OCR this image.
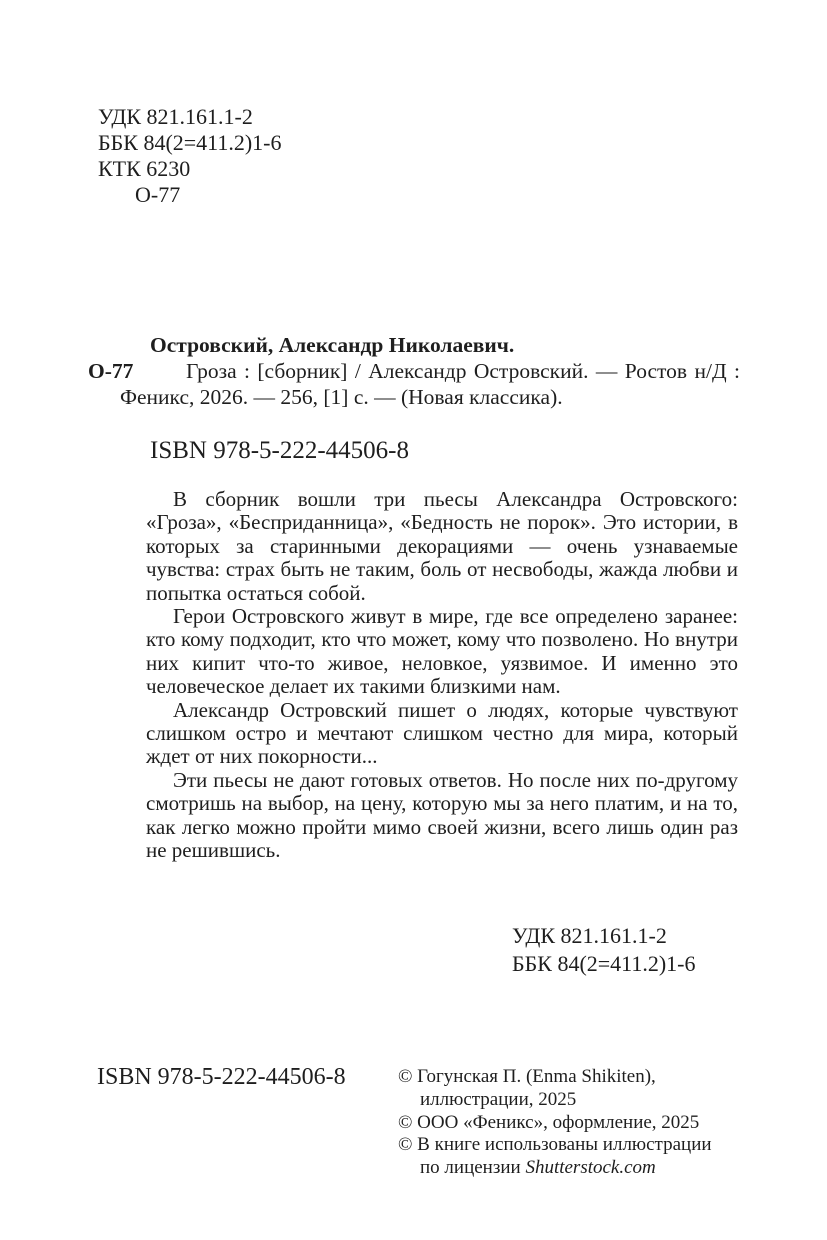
УДК 821.161.1-2
ББК 84(2=411.2)1-6
КТК 6230
О-77
Островский, Александр Николаевич.
О-77	Гроза : [сборник] / Александр Островский. — Ростов н/Д : Феникс, 2026. — 256, [1] с. — (Новая классика).

ISBN 978-5-222-44506-8

В сборник вошли три пьесы Александра Островского: «Гроза», «Бесприданница», «Бедность не порок». Это истории, в которых за старинными декорациями — очень узнаваемые чувства: страх быть не таким, боль от несвободы, жажда любви и попытка остаться собой.

Герои Островского живут в мире, где все определено заранее: кто кому подходит, кто что может, кому что позволено. Но внутри них кипит что-то живое, неловкое, уязвимое. И именно это человеческое делает их такими близкими нам.

Александр Островский пишет о людях, которые чувствуют слишком остро и мечтают слишком честно для мира, который ждет от них покорности...

Эти пьесы не дают готовых ответов. Но после них по-другому смотришь на выбор, на цену, которую мы за него платим, и на то, как легко можно пройти мимо своей жизни, всего лишь один раз не решившись.

УДК 821.161.1-2
ББК 84(2=411.2)1-6
ISBN 978-5-222-44506-8	© Гогунская П. (Enma Shikiten), иллюстрации, 2025

© ООО «Феникс», оформление, 2025

© В книге использованы иллюстрации по лицензии Shutterstock.com
